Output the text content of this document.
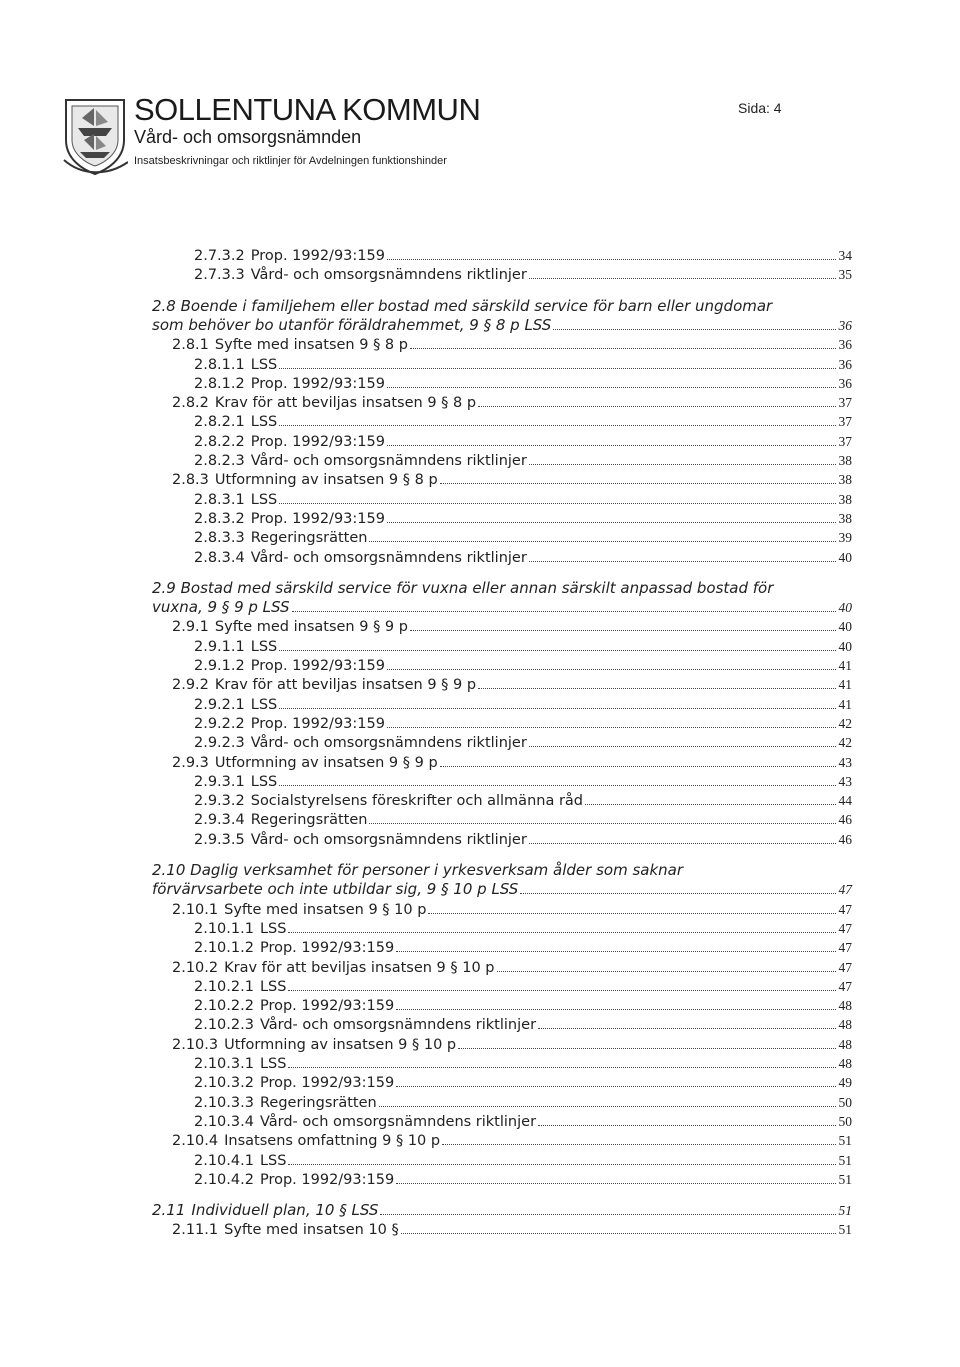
SOLLENTUNA KOMMUN
Vård- och omsorgsnämnden
Insatsbeskrivningar och riktlinjer för Avdelningen funktionshinder
Sida: 4
2.7.3.2 Prop. 1992/93:159	34
2.7.3.3 Vård- och omsorgsnämndens riktlinjer	35
2.8 Boende i familjehem eller bostad med särskild service för barn eller ungdomar
som behöver bo utanför föräldrahemmet, 9 § 8 p LSS	36
2.8.1 Syfte med insatsen 9 § 8 p	36
2.8.1.1 LSS	36
2.8.1.2 Prop. 1992/93:159	36
2.8.2 Krav för att beviljas insatsen 9 § 8 p	37
2.8.2.1 LSS	37
2.8.2.2 Prop. 1992/93:159	37
2.8.2.3 Vård- och omsorgsnämndens riktlinjer	38
2.8.3 Utformning av insatsen 9 § 8 p	38
2.8.3.1 LSS	38
2.8.3.2 Prop. 1992/93:159	38
2.8.3.3 Regeringsrätten	39
2.8.3.4 Vård- och omsorgsnämndens riktlinjer	40
2.9 Bostad med särskild service för vuxna eller annan särskilt anpassad bostad för
vuxna, 9 § 9 p LSS	40
2.9.1 Syfte med insatsen 9 § 9 p	40
2.9.1.1 LSS	40
2.9.1.2 Prop. 1992/93:159	41
2.9.2 Krav för att beviljas insatsen 9 § 9 p	41
2.9.2.1 LSS	41
2.9.2.2 Prop. 1992/93:159	42
2.9.2.3 Vård- och omsorgsnämndens riktlinjer	42
2.9.3 Utformning av insatsen 9 § 9 p	43
2.9.3.1 LSS	43
2.9.3.2 Socialstyrelsens föreskrifter och allmänna råd	44
2.9.3.4 Regeringsrätten	46
2.9.3.5 Vård- och omsorgsnämndens riktlinjer	46
2.10 Daglig verksamhet för personer i yrkesverksam ålder som saknar
förvärvsarbete och inte utbildar sig, 9 § 10 p LSS	47
2.10.1 Syfte med insatsen 9 § 10 p	47
2.10.1.1 LSS	47
2.10.1.2 Prop. 1992/93:159	47
2.10.2 Krav för att beviljas insatsen 9 § 10 p	47
2.10.2.1 LSS	47
2.10.2.2 Prop. 1992/93:159	48
2.10.2.3 Vård- och omsorgsnämndens riktlinjer	48
2.10.3 Utformning av insatsen 9 § 10 p	48
2.10.3.1 LSS	48
2.10.3.2 Prop. 1992/93:159	49
2.10.3.3 Regeringsrätten	50
2.10.3.4 Vård- och omsorgsnämndens riktlinjer	50
2.10.4 Insatsens omfattning 9 § 10 p	51
2.10.4.1 LSS	51
2.10.4.2 Prop. 1992/93:159	51
2.11 Individuell plan, 10 § LSS	51
2.11.1 Syfte med insatsen 10 §	51
